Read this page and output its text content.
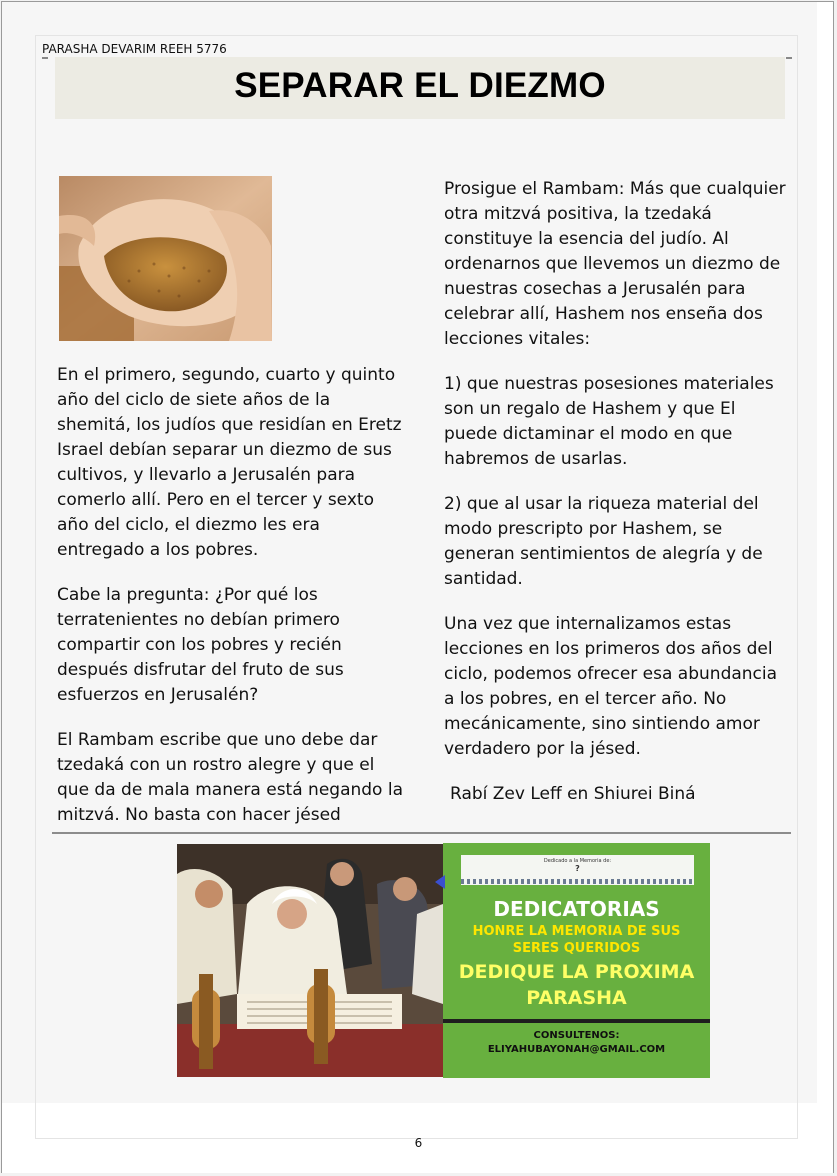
PARASHA DEVARIM REEH 5776
SEPARAR EL DIEZMO

En el primero, segundo, cuarto y quinto año del ciclo de siete años de la shemitá, los judíos que residían en Eretz Israel debían separar un diezmo de sus cultivos, y llevarlo a Jerusalén para comerlo allí. Pero en el tercer y sexto año del ciclo, el diezmo les era entregado a los pobres.

Cabe la pregunta: ¿Por qué los terratenientes no debían primero compartir con los pobres y recién después disfrutar del fruto de sus esfuerzos en Jerusalén?

El Rambam escribe que uno debe dar tzedaká con un rostro alegre y que el que da de mala manera está negando la mitzvá. No basta con hacer jésed

Prosigue el Rambam: Más que cualquier otra mitzvá positiva, la tzedaká constituye la esencia del judío. Al ordenarnos que llevemos un diezmo de nuestras cosechas a Jerusalén para celebrar allí, Hashem nos enseña dos lecciones vitales:

1) que nuestras posesiones materiales son un regalo de Hashem y que El puede dictaminar el modo en que habremos de usarlas.

2) que al usar la riqueza material del modo prescripto por Hashem, se generan sentimientos de alegría y de santidad.

Una vez que internalizamos estas lecciones en los primeros dos años del ciclo, podemos ofrecer esa abundancia a los pobres, en el tercer año. No mecánicamente, sino sintiendo amor verdadero por la jésed.

Rabí Zev Leff en Shiurei Biná

Dedicado a la Memoria de:
?
DEDICATORIAS
HONRE LA MEMORIA DE SUS
SERES QUERIDOS
DEDIQUE LA PROXIMA
PARASHA
CONSULTENOS:
ELIYAHUBAYONAH@GMAIL.COM
6
